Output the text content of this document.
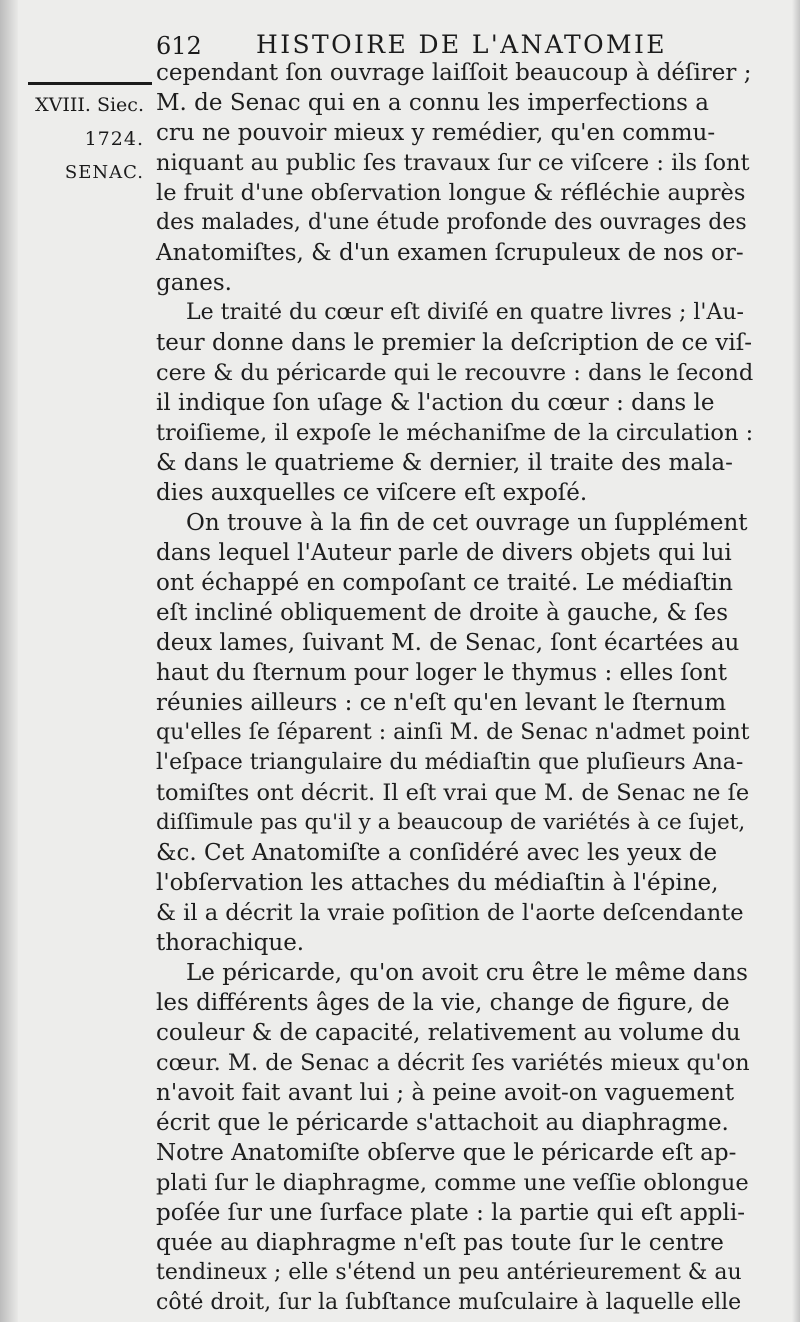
612 HISTOIRE DE L'ANATOMIE
XVIII. Siec.
1724.
SENAC.
cependant ſon ouvrage laiſſoit beaucoup à déſirer ;
M. de Senac qui en a connu les imperfections a
cru ne pouvoir mieux y remédier, qu'en commu-
niquant au public ſes travaux ſur ce viſcere : ils ſont
le fruit d'une obſervation longue & réfléchie auprès
des malades, d'une étude profonde des ouvrages des
Anatomiſtes, & d'un examen ſcrupuleux de nos or-
ganes.
Le traité du cœur eſt diviſé en quatre livres ; l'Au-
teur donne dans le premier la deſcription de ce viſ-
cere & du péricarde qui le recouvre : dans le ſecond
il indique ſon uſage & l'action du cœur : dans le
troiſieme, il expoſe le méchaniſme de la circulation :
& dans le quatrieme & dernier, il traite des mala-
dies auxquelles ce viſcere eſt expoſé.
On trouve à la fin de cet ouvrage un ſupplément
dans lequel l'Auteur parle de divers objets qui lui
ont échappé en compoſant ce traité. Le médiaſtin
eſt incliné obliquement de droite à gauche, & ſes
deux lames, ſuivant M. de Senac, ſont écartées au
haut du ſternum pour loger le thymus : elles ſont
réunies ailleurs : ce n'eſt qu'en levant le ſternum
qu'elles ſe ſéparent : ainſi M. de Senac n'admet point
l'eſpace triangulaire du médiaſtin que pluſieurs Ana-
tomiſtes ont décrit. Il eſt vrai que M. de Senac ne ſe
diſſimule pas qu'il y a beaucoup de variétés à ce ſujet,
&c. Cet Anatomiſte a conſidéré avec les yeux de
l'obſervation les attaches du médiaſtin à l'épine,
& il a décrit la vraie poſition de l'aorte deſcendante
thorachique.
Le péricarde, qu'on avoit cru être le même dans
les différents âges de la vie, change de figure, de
couleur & de capacité, relativement au volume du
cœur. M. de Senac a décrit ſes variétés mieux qu'on
n'avoit fait avant lui ; à peine avoit-on vaguement
écrit que le péricarde s'attachoit au diaphragme.
Notre Anatomiſte obſerve que le péricarde eſt ap-
plati ſur le diaphragme, comme une veſſie oblongue
poſée ſur une ſurface plate : la partie qui eſt appli-
quée au diaphragme n'eſt pas toute ſur le centre
tendineux ; elle s'étend un peu antérieurement & au
côté droit, ſur la ſubſtance muſculaire à laquelle elle
